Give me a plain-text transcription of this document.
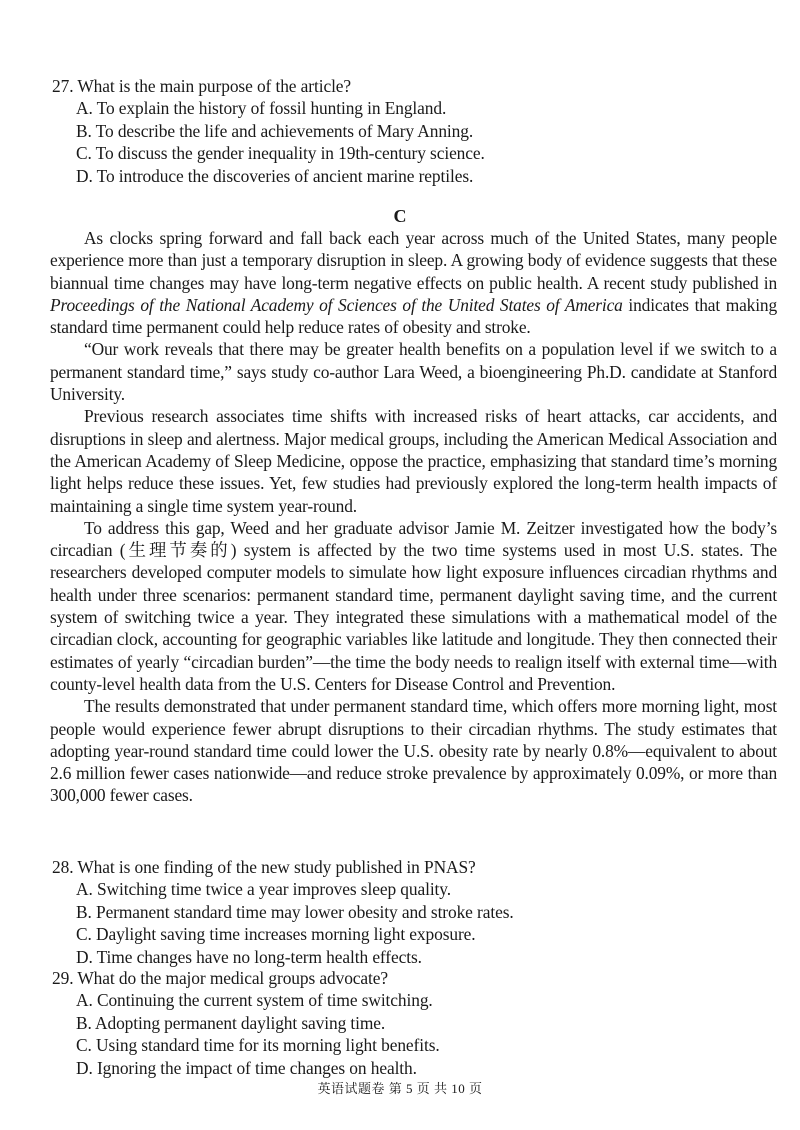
27. What is the main purpose of the article?
A. To explain the history of fossil hunting in England.
B. To describe the life and achievements of Mary Anning.
C. To discuss the gender inequality in 19th-century science.
D. To introduce the discoveries of ancient marine reptiles.
C

As clocks spring forward and fall back each year across much of the United States, many people experience more than just a temporary disruption in sleep. A growing body of evidence suggests that these biannual time changes may have long-term negative effects on public health. A recent study published in Proceedings of the National Academy of Sciences of the United States of America indicates that making standard time permanent could help reduce rates of obesity and stroke.

“Our work reveals that there may be greater health benefits on a population level if we switch to a permanent standard time,” says study co-author Lara Weed, a bioengineering Ph.D. candidate at Stanford University.

Previous research associates time shifts with increased risks of heart attacks, car accidents, and disruptions in sleep and alertness. Major medical groups, including the American Medical Association and the American Academy of Sleep Medicine, oppose the practice, emphasizing that standard time’s morning light helps reduce these issues. Yet, few studies had previously explored the long-term health impacts of maintaining a single time system year-round.

To address this gap, Weed and her graduate advisor Jamie M. Zeitzer investigated how the body’s circadian (生理节奏的) system is affected by the two time systems used in most U.S. states. The researchers developed computer models to simulate how light exposure influences circadian rhythms and health under three scenarios: permanent standard time, permanent daylight saving time, and the current system of switching twice a year. They integrated these simulations with a mathematical model of the circadian clock, accounting for geographic variables like latitude and longitude. They then connected their estimates of yearly “circadian burden”—the time the body needs to realign itself with external time—with county-level health data from the U.S. Centers for Disease Control and Prevention.

The results demonstrated that under permanent standard time, which offers more morning light, most people would experience fewer abrupt disruptions to their circadian rhythms. The study estimates that adopting year-round standard time could lower the U.S. obesity rate by nearly 0.8%—equivalent to about 2.6 million fewer cases nationwide—and reduce stroke prevalence by approximately 0.09%, or more than 300,000 fewer cases.

28. What is one finding of the new study published in PNAS?
A. Switching time twice a year improves sleep quality.
B. Permanent standard time may lower obesity and stroke rates.
C. Daylight saving time increases morning light exposure.
D. Time changes have no long-term health effects.
29. What do the major medical groups advocate?
A. Continuing the current system of time switching.
B. Adopting permanent daylight saving time.
C. Using standard time for its morning light benefits.
D. Ignoring the impact of time changes on health.
英语试题卷 第 5 页 共 10 页
